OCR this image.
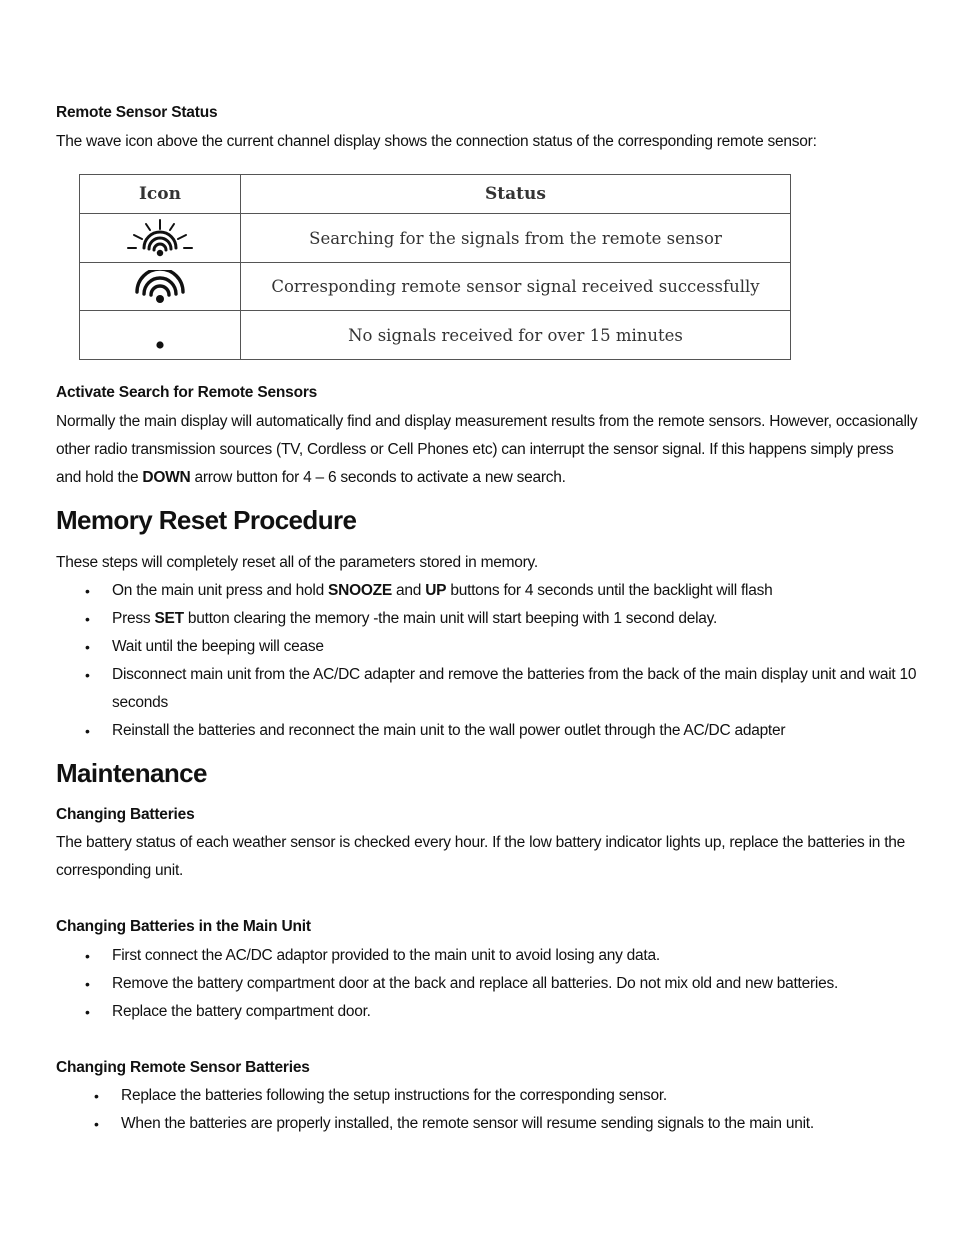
Remote Sensor Status
The wave icon above the current channel display shows the connection status of the corresponding remote sensor:
Activate Search for Remote Sensors
Normally the main display will automatically find and display measurement results from the remote sensors. However, occasionally other radio transmission sources (TV, Cordless or Cell Phones etc) can interrupt the sensor signal. If this happens simply press and hold the DOWN arrow button for 4 – 6 seconds to activate a new search.
Memory Reset Procedure
These steps will completely reset all of the parameters stored in memory.
• On the main unit press and hold SNOOZE and UP buttons for 4 seconds until the backlight will flash
• Press SET button clearing the memory -the main unit will start beeping with 1 second delay.
• Wait until the beeping will cease
• Disconnect main unit from the AC/DC adapter and remove the batteries from the back of the main display unit and wait 10 seconds
• Reinstall the batteries and reconnect the main unit to the wall power outlet through the AC/DC adapter
Maintenance
Changing Batteries
The battery status of each weather sensor is checked every hour. If the low battery indicator lights up, replace the batteries in the corresponding unit.
Changing Batteries in the Main Unit
• First connect the AC/DC adaptor provided to the main unit to avoid losing any data.
• Remove the battery compartment door at the back and replace all batteries. Do not mix old and new batteries.
• Replace the battery compartment door.
Changing Remote Sensor Batteries
• Replace the batteries following the setup instructions for the corresponding sensor.
• When the batteries are properly installed, the remote sensor will resume sending signals to the main unit.
Icon	Status
	Searching for the signals from the remote sensor
	Corresponding remote sensor signal received successfully
	No signals received for over 15 minutes
